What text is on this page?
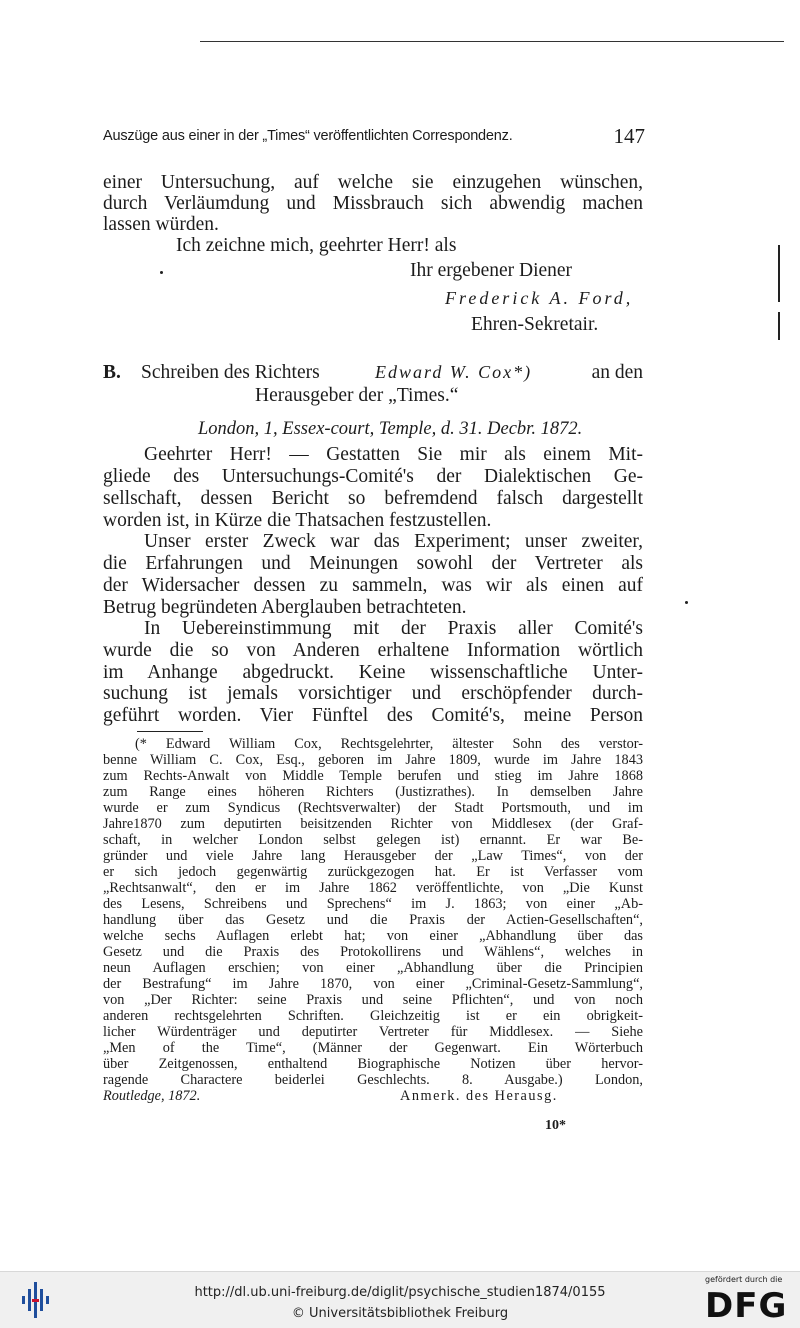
Auszüge aus einer in der „Times“ veröffentlichten Correspondenz.	147
einer Untersuchung, auf welche sie einzugehen wünschen,
durch Verläumdung und Missbrauch sich abwendig machen
lassen würden.
Ich zeichne mich, geehrter Herr! als
Ihr ergebener Diener
Frederick A. Ford,
Ehren-Sekretair.
B. Schreiben des Richters	Edward W. Cox*)	an den
Herausgeber der „Times.“
London, 1, Essex-court, Temple, d. 31. Decbr. 1872.
Geehrter Herr! — Gestatten Sie mir als einem Mit-
gliede des Untersuchungs-Comité's der Dialektischen Ge-
sellschaft, dessen Bericht so befremdend falsch dargestellt
worden ist, in Kürze die Thatsachen festzustellen.
Unser erster Zweck war das Experiment; unser zweiter,
die Erfahrungen und Meinungen sowohl der Vertreter als
der Widersacher dessen zu sammeln, was wir als einen auf
Betrug begründeten Aberglauben betrachteten.
In Uebereinstimmung mit der Praxis aller Comité's
wurde die so von Anderen erhaltene Information wörtlich
im Anhange abgedruckt. Keine wissenschaftliche Unter-
suchung ist jemals vorsichtiger und erschöpfender durch-
geführt worden. Vier Fünftel des Comité's, meine Person
(* Edward William Cox, Rechtsgelehrter, ältester Sohn des verstor-
benne William C. Cox, Esq., geboren im Jahre 1809, wurde im Jahre 1843
zum Rechts-Anwalt von Middle Temple berufen und stieg im Jahre 1868
zum Range eines höheren Richters (Justizrathes). In demselben Jahre
wurde er zum Syndicus (Rechtsverwalter) der Stadt Portsmouth, und im
Jahre1870 zum deputirten beisitzenden Richter von Middlesex (der Graf-
schaft, in welcher London selbst gelegen ist) ernannt. Er war Be-
gründer und viele Jahre lang Herausgeber der „Law Times“, von der
er sich jedoch gegenwärtig zurückgezogen hat. Er ist Verfasser vom
„Rechtsanwalt“, den er im Jahre 1862 veröffentlichte, von „Die Kunst
des Lesens, Schreibens und Sprechens“ im J. 1863; von einer „Ab-
handlung über das Gesetz und die Praxis der Actien-Gesellschaften“,
welche sechs Auflagen erlebt hat; von einer „Abhandlung über das
Gesetz und die Praxis des Protokollirens und Wählens“, welches in
neun Auflagen erschien; von einer „Abhandlung über die Principien
der Bestrafung“ im Jahre 1870, von einer „Criminal-Gesetz-Sammlung“,
von „Der Richter: seine Praxis und seine Pflichten“, und von noch
anderen rechtsgelehrten Schriften. Gleichzeitig ist er ein obrigkeit-
licher Würdenträger und deputirter Vertreter für Middlesex. — Siehe
„Men of the Time“, (Männer der Gegenwart. Ein Wörterbuch
über Zeitgenossen, enthaltend Biographische Notizen über hervor-
ragende Charactere beiderlei Geschlechts. 8. Ausgabe.) London,
Routledge, 1872.	Anmerk. des Herausg.
10*
http://dl.ub.uni-freiburg.de/diglit/psychische_studien1874/0155
© Universitätsbibliothek Freiburg
gefördert durch die
DFG
